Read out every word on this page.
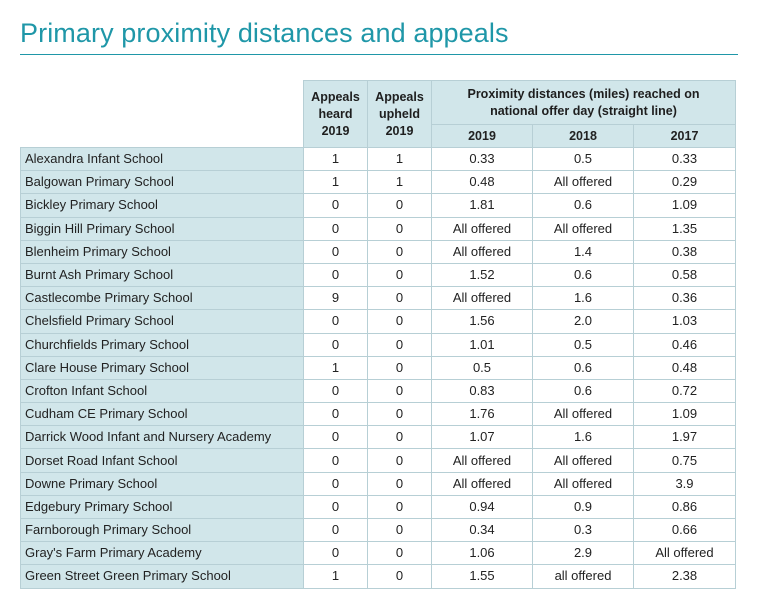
Primary proximity distances and appeals
	Appeals
heard
2019	Appeals
upheld
2019	Proximity distances (miles) reached on
national offer day (straight line)		
			2019	2018	2017
Alexandra Infant School	1	1	0.33	0.5	0.33
Balgowan Primary School	1	1	0.48	All offered	0.29
Bickley Primary School	0	0	1.81	0.6	1.09
Biggin Hill Primary School	0	0	All offered	All offered	1.35
Blenheim Primary School	0	0	All offered	1.4	0.38
Burnt Ash Primary School	0	0	1.52	0.6	0.58
Castlecombe Primary School	9	0	All offered	1.6	0.36
Chelsfield Primary School	0	0	1.56	2.0	1.03
Churchfields Primary School	0	0	1.01	0.5	0.46
Clare House Primary School	1	0	0.5	0.6	0.48
Crofton Infant School	0	0	0.83	0.6	0.72
Cudham CE Primary School	0	0	1.76	All offered	1.09
Darrick Wood Infant and Nursery Academy	0	0	1.07	1.6	1.97
Dorset Road Infant School	0	0	All offered	All offered	0.75
Downe Primary School	0	0	All offered	All offered	3.9
Edgebury Primary School	0	0	0.94	0.9	0.86
Farnborough Primary School	0	0	0.34	0.3	0.66
Gray's Farm Primary Academy	0	0	1.06	2.9	All offered
Green Street Green Primary School	1	0	1.55	all offered	2.38
